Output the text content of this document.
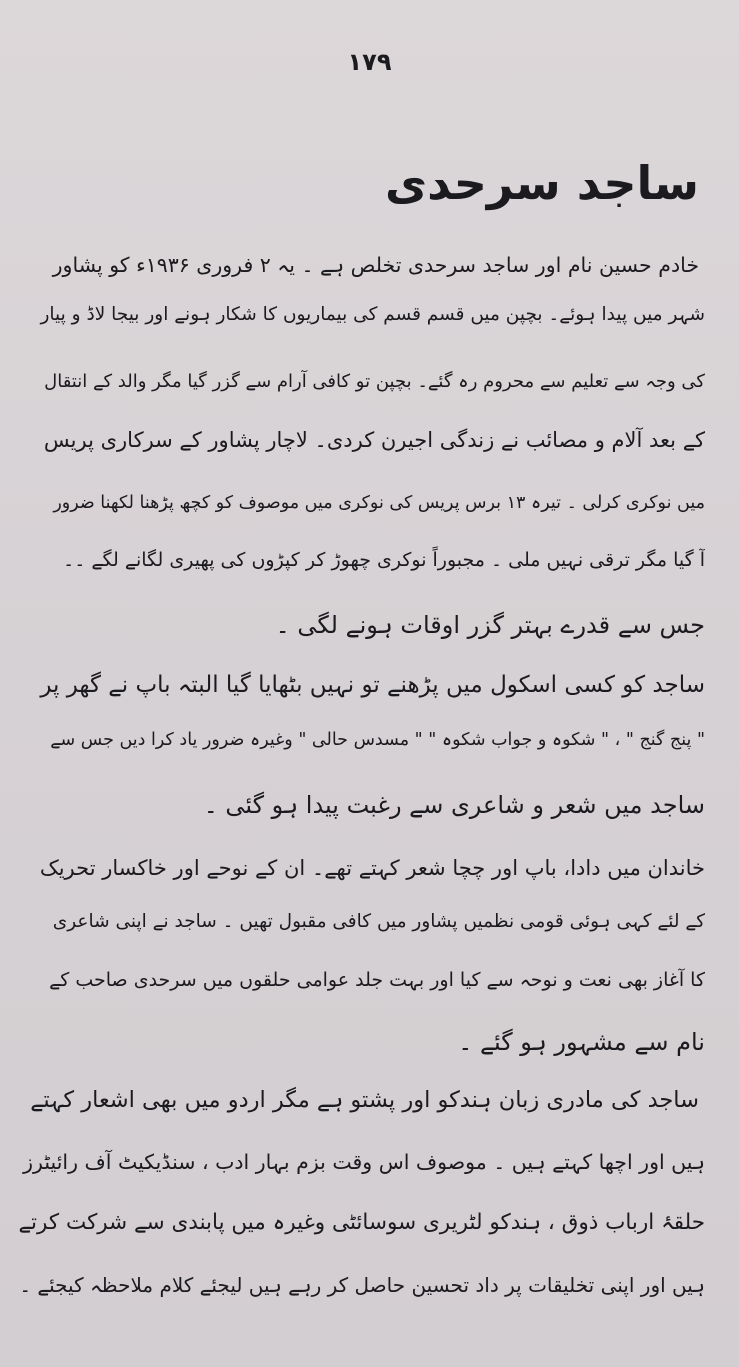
۱۷۹
ساجد سرحدی
خادم حسین نام اور ساجد سرحدی تخلص ہے ۔ یہ ۲ فروری ۱۹۳۶ء کو پشاور
شہر میں پیدا ہوئے۔ بچپن میں قسم قسم کی بیماریوں کا شکار ہونے اور بیجا لاڈ و پیار
کی وجہ سے تعلیم سے محروم رہ گئے۔ بچپن تو کافی آرام سے گزر گیا مگر والد کے انتقال
کے بعد آلام و مصائب نے زندگی اجیرن کردی۔ لاچار پشاور کے سرکاری پریس
میں نوکری کرلی ۔ تیرہ ۱۳ برس پریس کی نوکری میں موصوف کو کچھ پڑھنا لکھنا ضرور
آ گیا مگر ترقی نہیں ملی ۔ مجبوراً نوکری چھوڑ کر کپڑوں کی پھیری لگانے لگے ۔۔
جس سے قدرے بہتر گزر اوقات ہونے لگی ۔
ساجد کو کسی اسکول میں پڑھنے تو نہیں بٹھایا گیا البتہ باپ نے گھر پر
" پنج گنج " ، " شکوہ و جواب شکوہ " " مسدس حالی " وغیرہ ضرور یاد کرا دیں جس سے
ساجد میں شعر و شاعری سے رغبت پیدا ہو گئی ۔
خاندان میں دادا، باپ اور چچا شعر کہتے تھے۔ ان کے نوحے اور خاکسار تحریک
کے لئے کہی ہوئی قومی نظمیں پشاور میں کافی مقبول تھیں ۔ ساجد نے اپنی شاعری
کا آغاز بھی نعت و نوحہ سے کیا اور بہت جلد عوامی حلقوں میں سرحدی صاحب کے
نام سے مشہور ہو گئے ۔
ساجد کی مادری زبان ہندکو اور پشتو ہے مگر اردو میں بھی اشعار کہتے
ہیں اور اچھا کہتے ہیں ۔ موصوف اس وقت بزم بہار ادب ، سنڈیکیٹ آف رائیٹرز
حلقۂ ارباب ذوق ، ہندکو لٹریری سوسائٹی وغیرہ میں پابندی سے شرکت کرتے
ہیں اور اپنی تخلیقات پر داد تحسین حاصل کر رہے ہیں لیجئے کلام ملاحظہ کیجئے ۔
